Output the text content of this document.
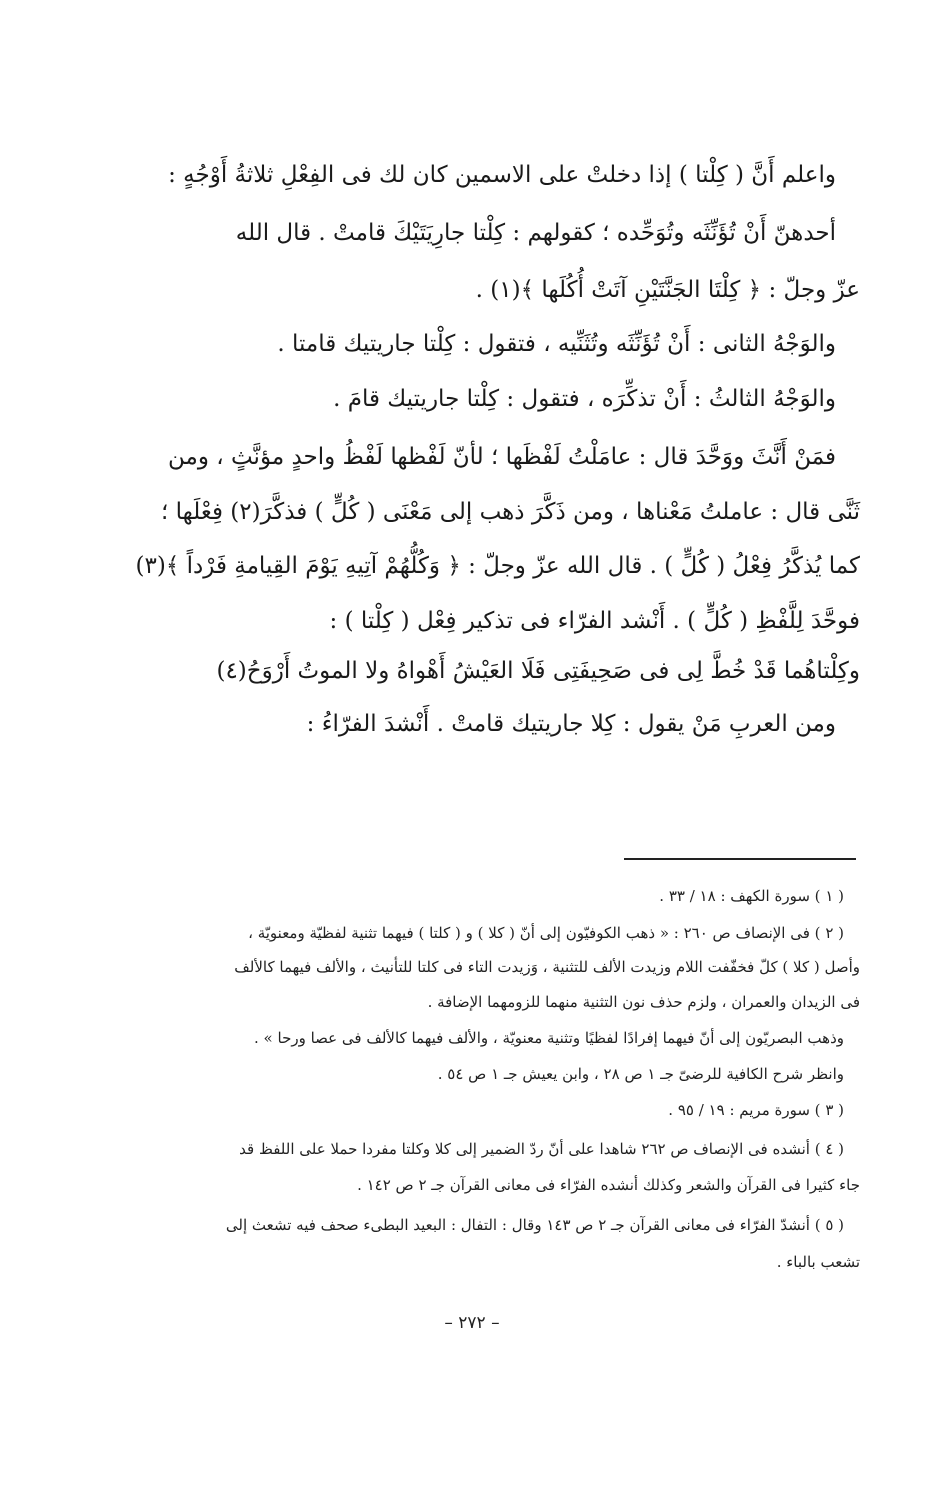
واعلم أَنَّ ( كِلْتا ) إذا دخلتْ على الاسمين كان لك فى الفِعْلِ ثلاثةُ أَوْجُهٍ :
أحدهنّ أَنْ تُؤَنِّثَه وتُوَحِّده ؛ كقولهم : كِلْتا جارِيَتَيْكَ قامتْ . قال الله
عزّ وجلّ : ﴿ كِلْتَا الجَنَّتَيْنِ آتَتْ أُكُلَها ﴾(١) .
والوَجْهُ الثانى : أَنْ تُؤَنِّثَه وتُثَنِّيه ، فتقول : كِلْتا جاريتيك قامتا .
والوَجْهُ الثالثُ : أَنْ تذكِّرَه ، فتقول : كِلْتا جاريتيك قامَ .
فمَنْ أَنَّثَ ووَحَّدَ قال : عامَلْتُ لَفْظَها ؛ لأنّ لَفْظها لَفْظُ واحدٍ مؤنَّثٍ ، ومن
ثَنَّى قال : عاملتُ مَعْناها ، ومن ذَكَّرَ ذهب إلى مَعْنَى ( كُلٍّ ) فذكَّرَ(٢) فِعْلَها ؛
كما يُذكَّرُ فِعْلُ ( كُلٍّ ) . قال الله عزّ وجلّ : ﴿ وَكُلُّهُمْ آتِيهِ يَوْمَ القِيامةِ فَرْداً ﴾(٣)
فوحَّدَ لِلَّفْظِ ( كُلٍّ ) . أَنْشد الفرّاء فى تذكير فِعْل ( كِلْتا ) :
وكِلْتاهُما قَدْ خُطَّ لِى فى صَحِيفَتِى فَلَا العَيْشُ أَهْواهُ ولا الموتُ أَرْوَحُ(٤)
ومن العربِ مَنْ يقول : كِلا جاريتيك قامتْ . أَنْشدَ الفرّاءُ :
( ١ ) سورة الكهف : ١٨ / ٣٣ .
( ٢ ) فى الإنصاف ص ٢٦٠ : « ذهب الكوفيّون إلى أنّ ( كلا ) و ( كلتا ) فيهما تثنية لفظيّة ومعنويّة ،
وأصل ( كلا ) كلّ فخفّفت اللام وزيدت الألف للتثنية ، وَزيدت التاء فى كلتا للتأنيث ، والألف فيهما كالألف
فى الزيدان والعمران ، ولزم حذف نون التثنية منهما للزومهما الإضافة .
وذهب البصريّون إلى أنّ فيهما إفرادًا لفظيًا وتثنية معنويّة ، والألف فيهما كالألف فى عصا ورحا » .
وانظر شرح الكافية للرضىّ جـ ١ ص ٢٨ ، وابن يعيش جـ ١ ص ٥٤ .
( ٣ ) سورة مريم : ١٩ / ٩٥ .
( ٤ ) أنشده فى الإنصاف ص ٢٦٢ شاهدا على أنّ ردّ الضمير إلى كلا وكلتا مفردا حملا على اللفظ قد
جاء كثيرا فى القرآن والشعر وكذلك أنشده الفرّاء فى معانى القرآن جـ ٢ ص ١٤٢ .
( ٥ ) أنشدّ الفرّاء فى معانى القرآن جـ ٢ ص ١٤٣ وقال : التفال : البعيد البطىء صحف فيه تشعث إلى
تشعب بالباء .
– ٢٧٢ –
